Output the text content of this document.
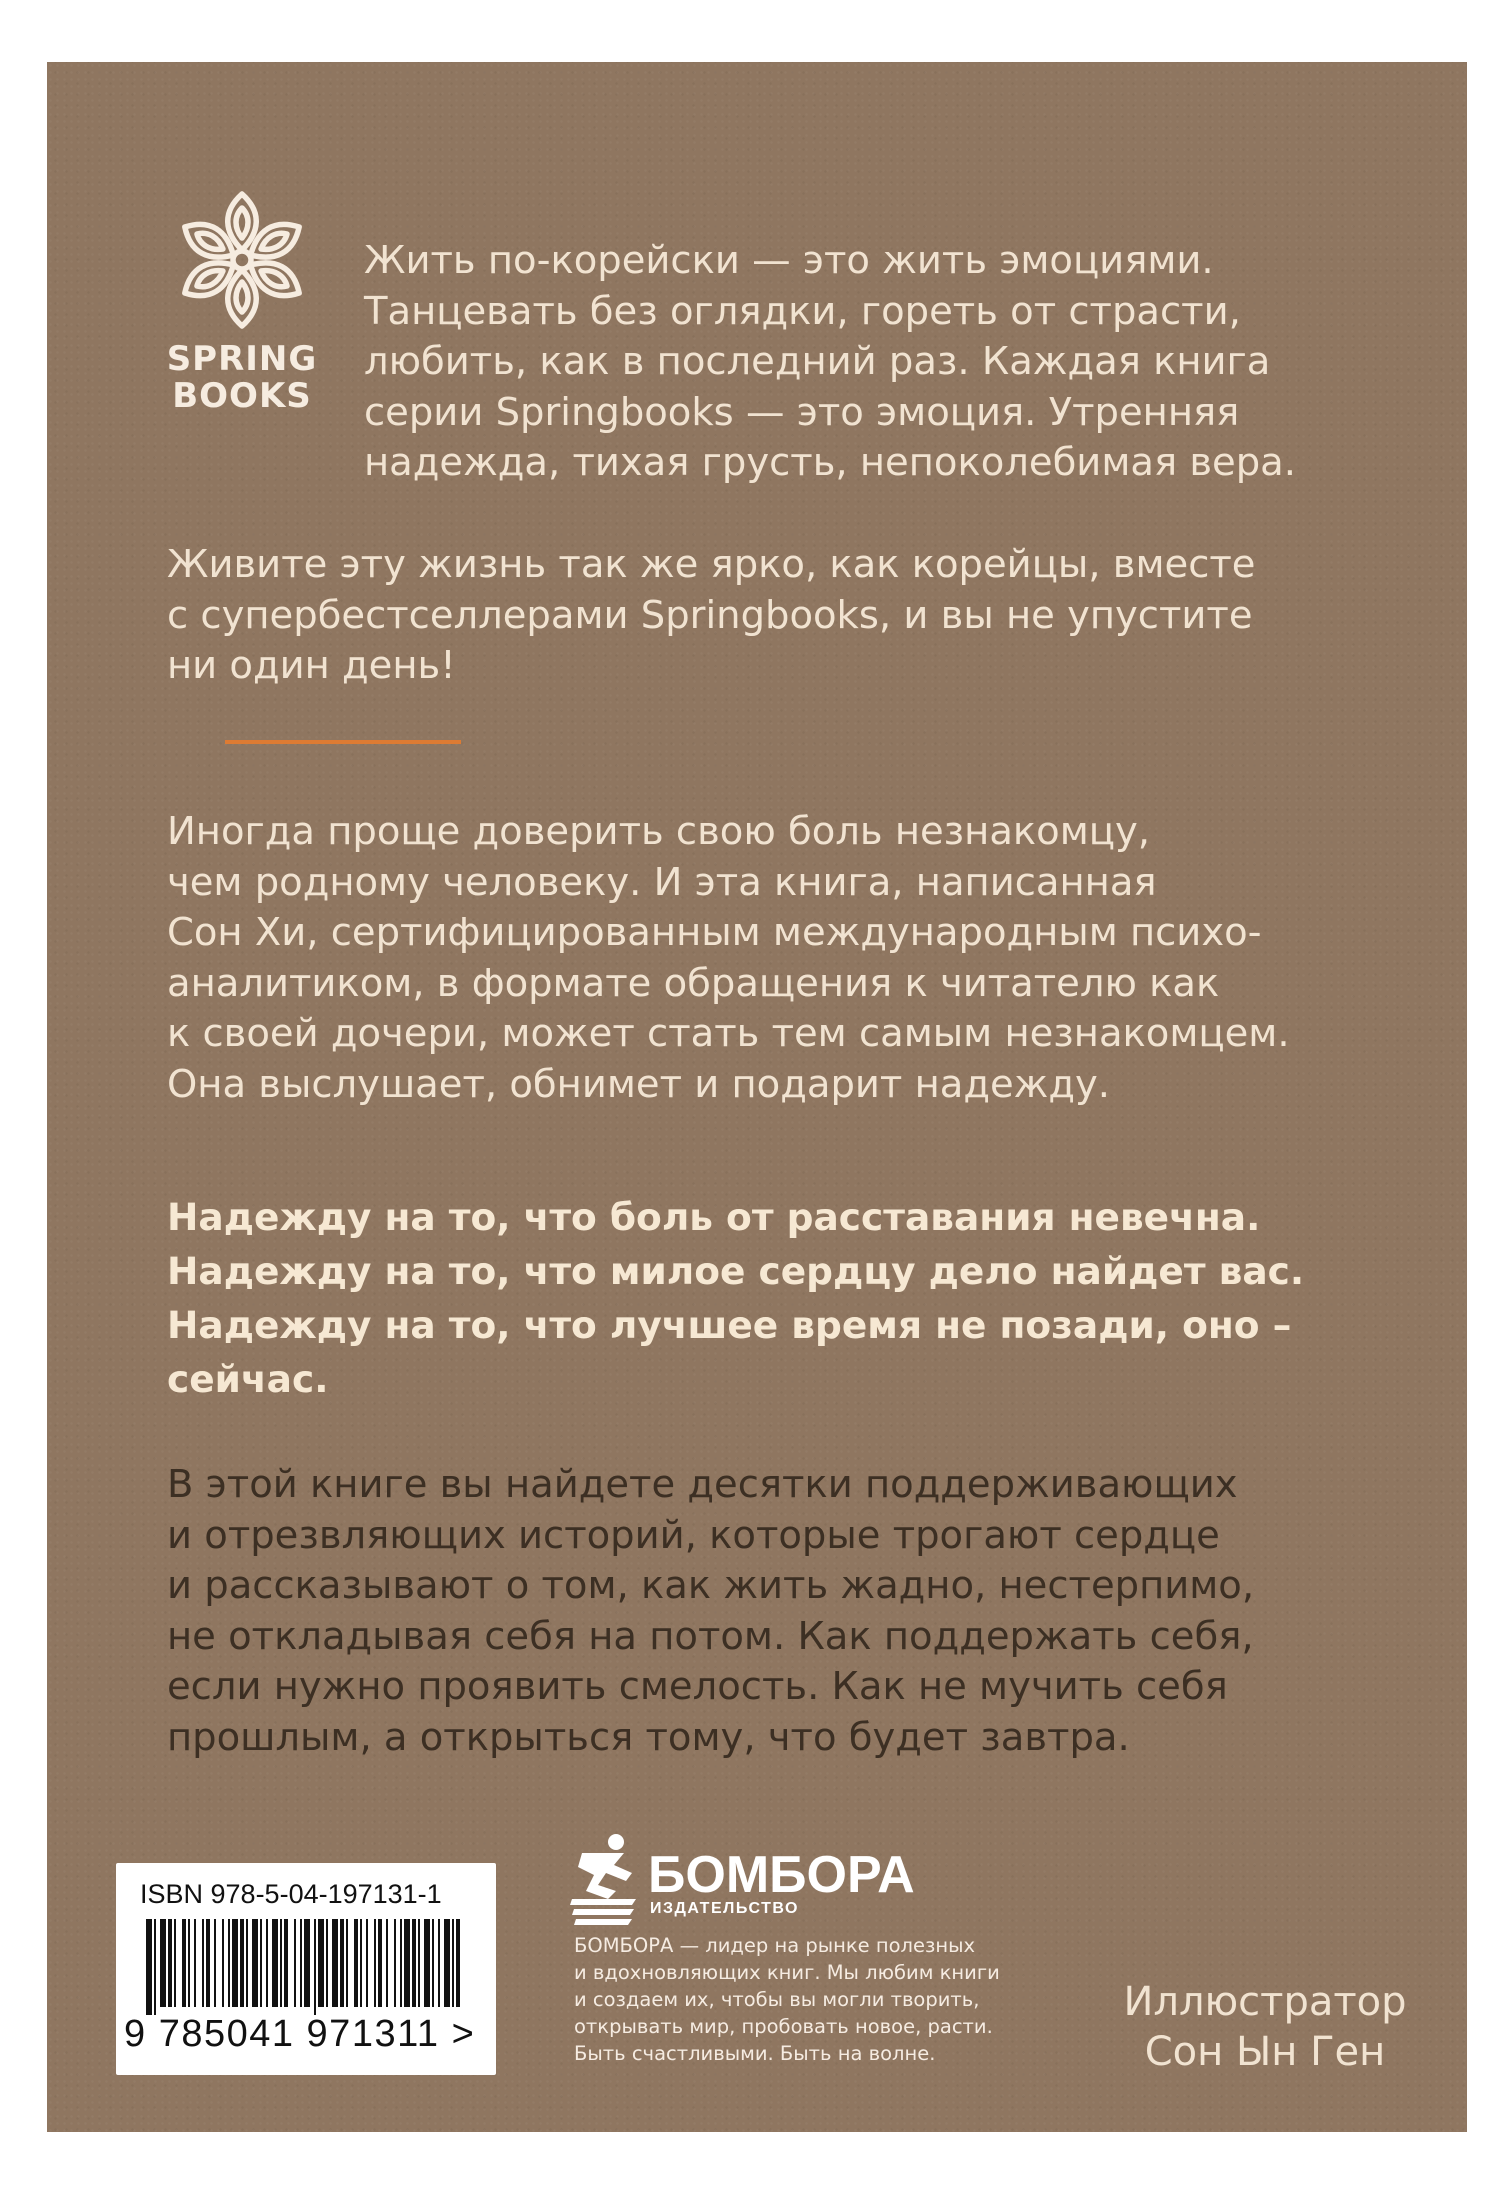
SPRING
BOOKS

Жить по-корейски — это жить эмоциями.
Танцевать без оглядки, гореть от страсти,
любить, как в последний раз. Каждая книга
серии Springbooks — это эмоция. Утренняя
надежда, тихая грусть, непоколебимая вера.

Живите эту жизнь так же ярко, как корейцы, вместе
с супербестселлерами Springbooks, и вы не упустите
ни один день!

Иногда проще доверить свою боль незнакомцу,
чем родному человеку. И эта книга, написанная
Сон Хи, сертифицированным международным психо-
аналитиком, в формате обращения к читателю как
к своей дочери, может стать тем самым незнакомцем.
Она выслушает, обнимет и подарит надежду.

Надежду на то, что боль от расставания невечна.
Надежду на то, что милое сердцу дело найдет вас.
Надежду на то, что лучшее время не позади, оно –
сейчас.

В этой книге вы найдете десятки поддерживающих
и отрезвляющих историй, которые трогают сердце
и рассказывают о том, как жить жадно, нестерпимо,
не откладывая себя на потом. Как поддержать себя,
если нужно проявить смелость. Как не мучить себя
прошлым, а открыться тому, что будет завтра.

ISBN 978-5-04-197131-1
9 785041 971311 >
БОМБОРА
ИЗДАТЕЛЬСТВО

БОМБОРА — лидер на рынке полезных
и вдохновляющих книг. Мы любим книги
и создаем их, чтобы вы могли творить,
открывать мир, пробовать новое, расти.
Быть счастливыми. Быть на волне.

Иллюстратор
Сон Ын Ген
